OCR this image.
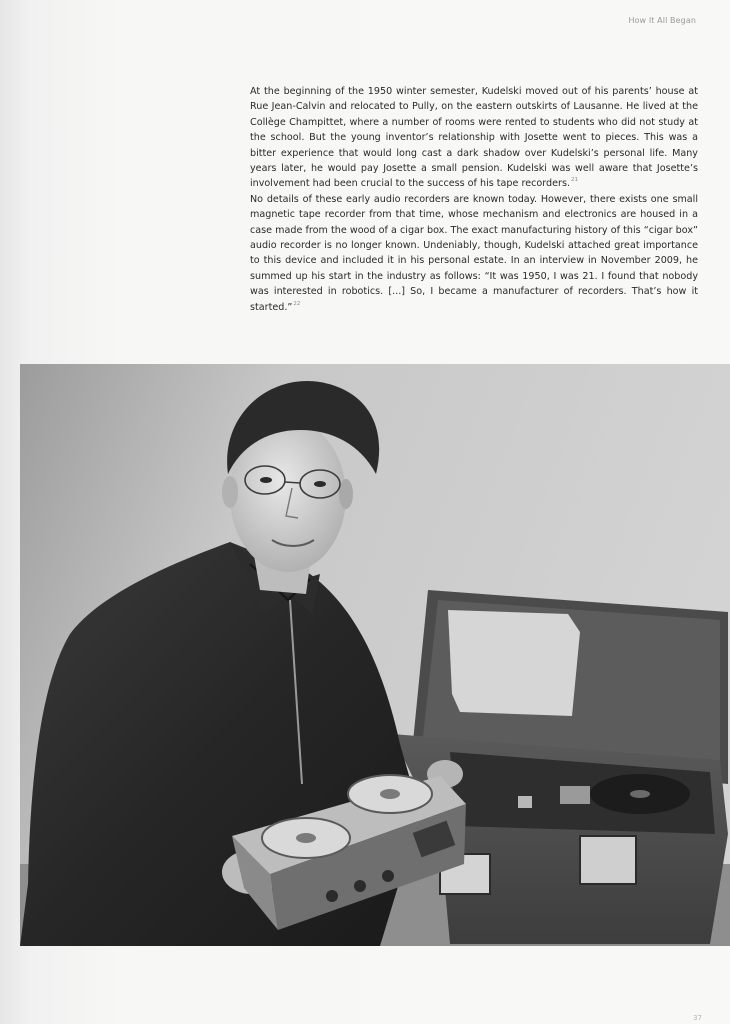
How It All Began

At the beginning of the 1950 winter semester, Kudelski moved out of his parents’ house at Rue Jean-Calvin and relocated to Pully, on the eastern outskirts of Lausanne. He lived at the Collège Champittet, where a number of rooms were rented to students who did not study at the school. But the young inventor’s relationship with Josette went to pieces. This was a bitter experience that would long cast a dark shadow over Kudelski’s personal life. Many years later, he would pay Josette a small pension. Kudelski was well aware that Josette’s involvement had been crucial to the success of his tape recorders.$^{21}$

No details of these early audio recorders are known today. However, there exists one small magnetic tape recorder from that time, whose mechanism and electronics are housed in a case made from the wood of a cigar box. The exact manufacturing history of this “cigar box” audio recorder is no longer known. Undeniably, though, Kudelski attached great importance to this device and included it in his personal estate. In an interview in November 2009, he summed up his start in the industry as follows: “It was 1950, I was 21. I found that nobody was interested in robotics. [...] So, I became a manufacturer of recorders. That’s how it started.”$^{22}$

37
